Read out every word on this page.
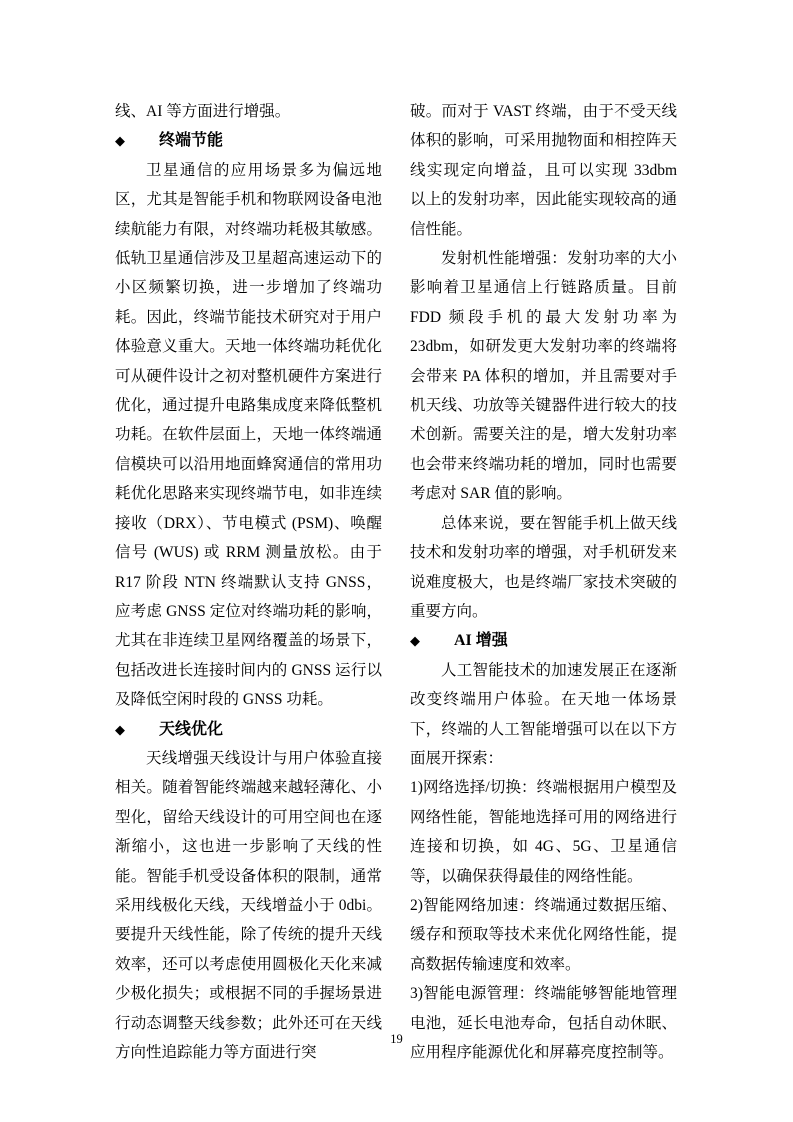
线、AI 等方面进行增强。

◆	终端节能

卫星通信的应用场景多为偏远地区，尤其是智能手机和物联网设备电池续航能力有限，对终端功耗极其敏感。低轨卫星通信涉及卫星超高速运动下的小区频繁切换，进一步增加了终端功耗。因此，终端节能技术研究对于用户体验意义重大。天地一体终端功耗优化可从硬件设计之初对整机硬件方案进行优化，通过提升电路集成度来降低整机功耗。在软件层面上，天地一体终端通信模块可以沿用地面蜂窝通信的常用功耗优化思路来实现终端节电，如非连续接收（DRX）、节电模式 (PSM)、唤醒信号 (WUS) 或 RRM 测量放松。由于 R17 阶段 NTN 终端默认支持 GNSS，应考虑 GNSS 定位对终端功耗的影响，尤其在非连续卫星网络覆盖的场景下，包括改进长连接时间内的 GNSS 运行以及降低空闲时段的 GNSS 功耗。

◆	天线优化

天线增强天线设计与用户体验直接相关。随着智能终端越来越轻薄化、小型化，留给天线设计的可用空间也在逐渐缩小，这也进一步影响了天线的性能。智能手机受设备体积的限制，通常采用线极化天线，天线增益小于 0dbi。要提升天线性能，除了传统的提升天线效率，还可以考虑使用圆极化天化来减少极化损失；或根据不同的手握场景进行动态调整天线参数；此外还可在天线方向性追踪能力等方面进行突

破。而对于 VAST 终端，由于不受天线体积的影响，可采用抛物面和相控阵天线实现定向增益，且可以实现 33dbm 以上的发射功率，因此能实现较高的通信性能。

发射机性能增强：发射功率的大小影响着卫星通信上行链路质量。目前 FDD 频段手机的最大发射功率为 23dbm，如研发更大发射功率的终端将会带来 PA 体积的增加，并且需要对手机天线、功放等关键器件进行较大的技术创新。需要关注的是，增大发射功率也会带来终端功耗的增加，同时也需要考虑对 SAR 值的影响。

总体来说，要在智能手机上做天线技术和发射功率的增强，对手机研发来说难度极大，也是终端厂家技术突破的重要方向。

◆	AI 增强

人工智能技术的加速发展正在逐渐改变终端用户体验。在天地一体场景下，终端的人工智能增强可以在以下方面展开探索：

1)网络选择/切换：终端根据用户模型及网络性能，智能地选择可用的网络进行连接和切换，如 4G、5G、卫星通信等，以确保获得最佳的网络性能。

2)智能网络加速：终端通过数据压缩、缓存和预取等技术来优化网络性能，提高数据传输速度和效率。

3)智能电源管理：终端能够智能地管理电池，延长电池寿命，包括自动休眠、应用程序能源优化和屏幕亮度控制等。

19
